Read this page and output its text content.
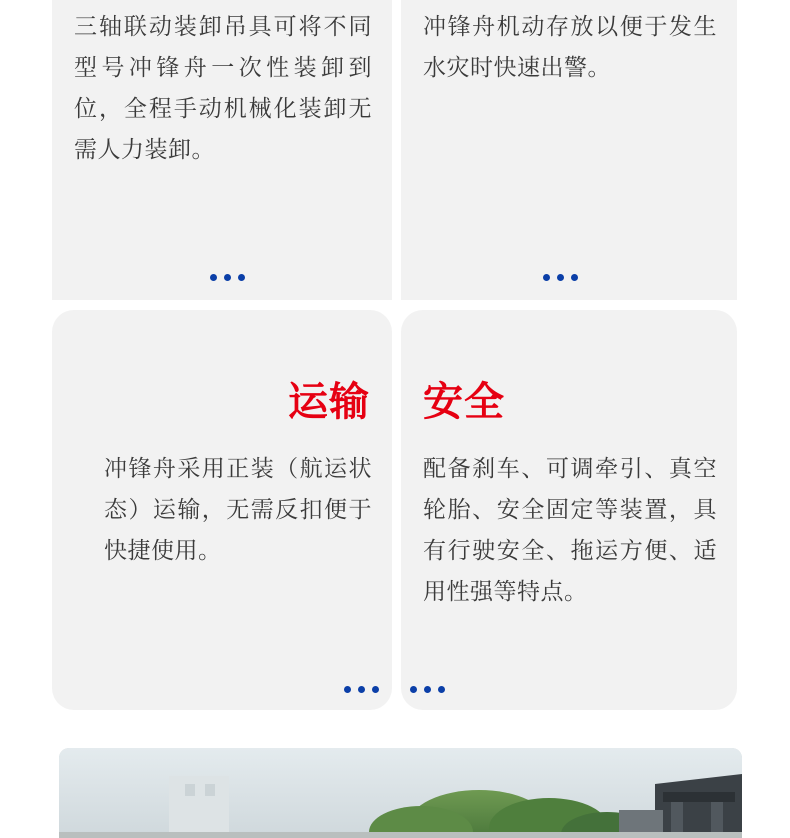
三轴联动装卸吊具可将不同型号冲锋舟一次性装卸到位，全程手动机械化装卸无需人力装卸。

冲锋舟机动存放以便于发生水灾时快速出警。

运输

冲锋舟采用正装（航运状态）运输，无需反扣便于快捷使用。

安全

配备刹车、可调牵引、真空轮胎、安全固定等装置，具有行驶安全、拖运方便、适用性强等特点。
